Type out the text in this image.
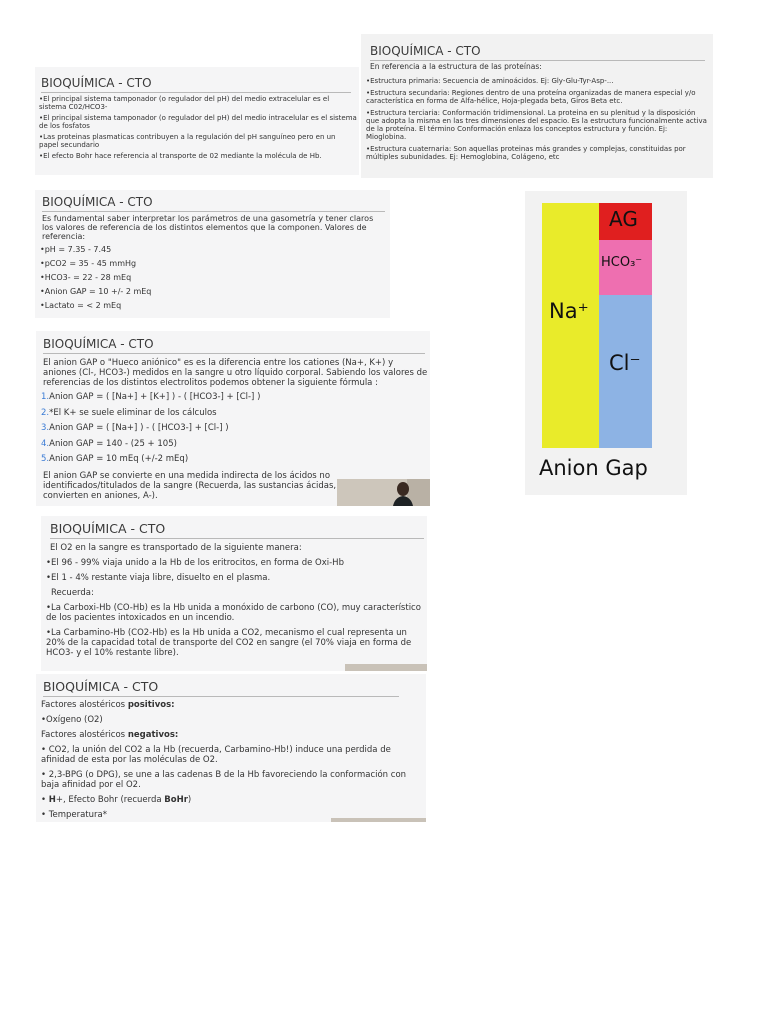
BIOQUÍMICA - CTO
•El principal sistema tamponador (o regulador del pH) del medio extracelular es el sistema C02/HCO3-
•El principal sistema tamponador (o regulador del pH) del medio intracelular es el sistema de los fosfatos
•Las proteinas plasmaticas contribuyen a la regulación del pH sanguíneo pero en un papel secundario
•El efecto Bohr hace referencia al transporte de 02 mediante la molécula de Hb.
BIOQUÍMICA - CTO
En referencia a la estructura de las proteínas:
•Estructura primaria: Secuencia de aminoácidos. Ej: Gly-Glu-Tyr-Asp-...
•Estructura secundaria: Regiones dentro de una proteína organizadas de manera especial y/o característica en forma de Alfa-hélice, Hoja-plegada beta, Giros Beta etc.
•Estructura terciaria: Conformación tridimensional. La proteina en su plenitud y la disposición que adopta la misma en las tres dimensiones del espacio. Es la estructura funcionalmente activa de la proteína. El término Conformación enlaza los conceptos estructura y función. Ej: Mioglobina.
•Estructura cuaternaria: Son aquellas proteinas más grandes y complejas, constituidas por múltiples subunidades. Ej: Hemoglobina, Colágeno, etc
BIOQUÍMICA - CTO

Es fundamental saber interpretar los parámetros de una gasometría y tener claros los valores de referencia de los distintos elementos que la componen. Valores de referencia:

•pH = 7.35 - 7.45
•pCO2 = 35 - 45 mmHg
•HCO3- = 22 - 28 mEq
•Anion GAP = 10 +/- 2 mEq
•Lactato = < 2 mEq
BIOQUÍMICA - CTO

El anion GAP o "Hueco aniónico" es es la diferencia entre los cationes (Na+, K+) y aniones (Cl-, HCO3-) medidos en la sangre u otro líquido corporal. Sabiendo los valores de referencias de los distintos electrolitos podemos obtener la siguiente fórmula :

1.Anion GAP = ( [Na+] + [K+] ) - ( [HCO3-] + [Cl-] )
2.*El K+ se suele eliminar de los cálculos
3.Anion GAP = ( [Na+] ) - ( [HCO3-] + [Cl-] )
4.Anion GAP = 140 - (25 + 105)
5.Anion GAP = 10 mEq (+/-2 mEq)

El anion GAP se convierte en una medida indirecta de los ácidos no identificados/titulados de la sangre (Recuerda, las sustancias ácidas, convierten en aniones, A-).

BIOQUÍMICA - CTO
El O2 en la sangre es transportado de la siguiente manera:
•El 96 - 99% viaja unido a la Hb de los eritrocitos, en forma de Oxi-Hb
•El 1 - 4% restante viaja libre, disuelto en el plasma.
Recuerda:
•La Carboxi-Hb (CO-Hb) es la Hb unida a monóxido de carbono (CO), muy característico de los pacientes intoxicados en un incendio.
•La Carbamino-Hb (CO2-Hb) es la Hb unida a CO2, mecanismo el cual representa un 20% de la capacidad total de transporte del CO2 en sangre (el 70% viaja en forma de HCO3- y el 10% restante libre).
BIOQUÍMICA - CTO

Factores alostéricos positivos:

•Oxígeno (O2)

Factores alostéricos negativos:

• CO2, la unión del CO2 a la Hb (recuerda, Carbamino-Hb!) induce una perdida de afinidad de esta por las moléculas de O2.
• 2,3-BPG (o DPG), se une a las cadenas B de la Hb favoreciendo la conformación con baja afinidad por el O2.
• H+, Efecto Bohr (recuerda BoHr)
• Temperatura*
Na⁺
AG
HCO₃⁻
Cl⁻
Anion Gap
